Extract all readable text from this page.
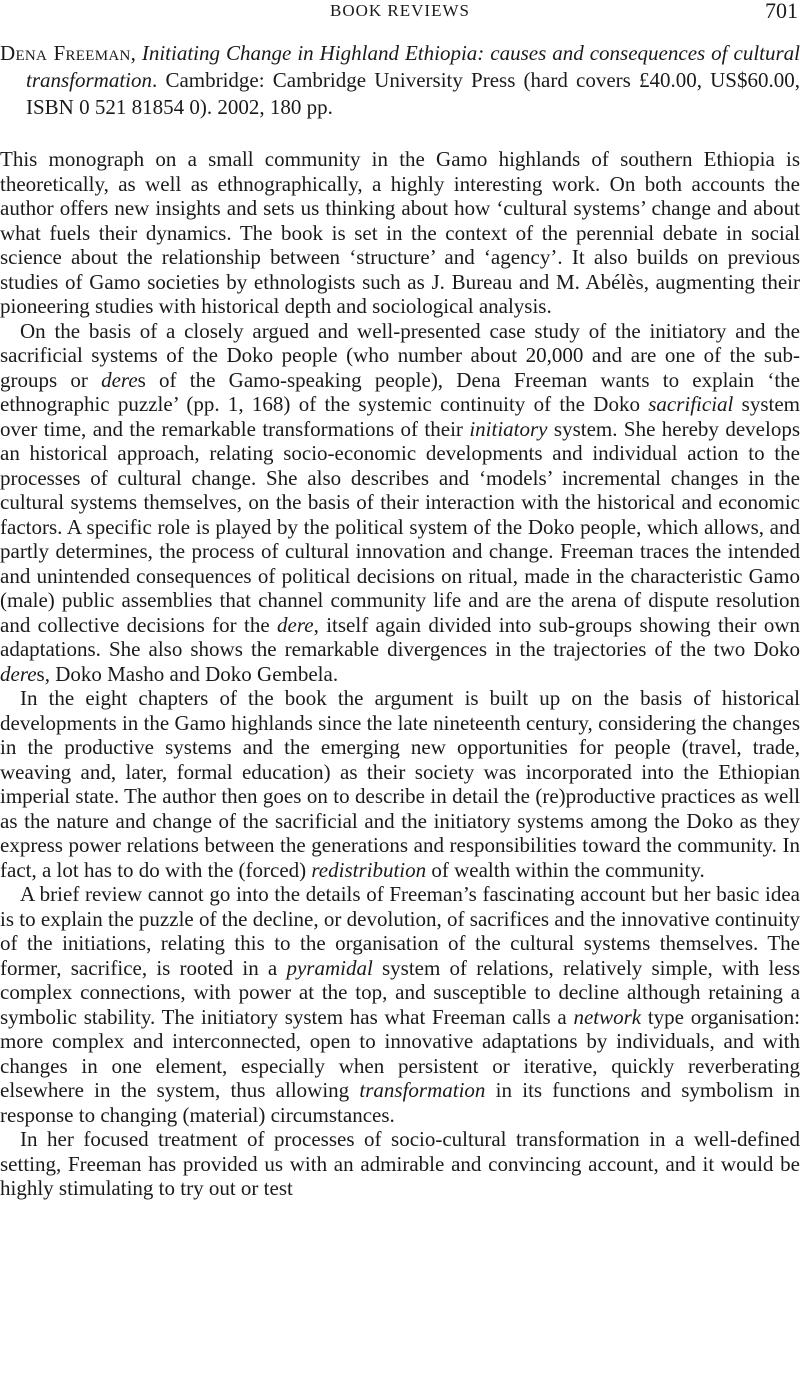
BOOK REVIEWS	701
Dena Freeman, Initiating Change in Highland Ethiopia: causes and consequences of cultural transformation. Cambridge: Cambridge University Press (hard covers £40.00, US$60.00, ISBN 0 521 81854 0). 2002, 180 pp.

This monograph on a small community in the Gamo highlands of southern Ethiopia is theoretically, as well as ethnographically, a highly interesting work. On both accounts the author offers new insights and sets us thinking about how ‘cultural systems’ change and about what fuels their dynamics. The book is set in the context of the perennial debate in social science about the relationship between ‘structure’ and ‘agency’. It also builds on previous studies of Gamo societies by ethnologists such as J. Bureau and M. Abélès, augmenting their pioneering studies with historical depth and sociological analysis.

On the basis of a closely argued and well-presented case study of the initiatory and the sacrificial systems of the Doko people (who number about 20,000 and are one of the sub-groups or deres of the Gamo-speaking people), Dena Freeman wants to explain ‘the ethnographic puzzle’ (pp. 1, 168) of the systemic continuity of the Doko sacrificial system over time, and the remarkable transformations of their initiatory system. She hereby develops an historical approach, relating socio-economic developments and individual action to the processes of cultural change. She also describes and ‘models’ incremental changes in the cultural systems themselves, on the basis of their interaction with the historical and economic factors. A specific role is played by the political system of the Doko people, which allows, and partly determines, the process of cultural innovation and change. Freeman traces the intended and unintended consequences of political decisions on ritual, made in the characteristic Gamo (male) public assemblies that channel community life and are the arena of dispute resolution and collective decisions for the dere, itself again divided into sub-groups showing their own adaptations. She also shows the remarkable divergences in the trajectories of the two Doko deres, Doko Masho and Doko Gembela.

In the eight chapters of the book the argument is built up on the basis of historical developments in the Gamo highlands since the late nineteenth century, considering the changes in the productive systems and the emerging new opportunities for people (travel, trade, weaving and, later, formal education) as their society was incorporated into the Ethiopian imperial state. The author then goes on to describe in detail the (re)productive practices as well as the nature and change of the sacrificial and the initiatory systems among the Doko as they express power relations between the generations and responsibilities toward the community. In fact, a lot has to do with the (forced) redistribution of wealth within the community.

A brief review cannot go into the details of Freeman’s fascinating account but her basic idea is to explain the puzzle of the decline, or devolution, of sacrifices and the innovative continuity of the initiations, relating this to the organisation of the cultural systems themselves. The former, sacrifice, is rooted in a pyramidal system of relations, relatively simple, with less complex connections, with power at the top, and susceptible to decline although retaining a symbolic stability. The initiatory system has what Freeman calls a network type organisation: more complex and interconnected, open to innovative adaptations by individuals, and with changes in one element, especially when persistent or iterative, quickly reverberating elsewhere in the system, thus allowing transformation in its functions and symbolism in response to changing (material) circumstances.

In her focused treatment of processes of socio-cultural transformation in a well-defined setting, Freeman has provided us with an admirable and convincing account, and it would be highly stimulating to try out or test
